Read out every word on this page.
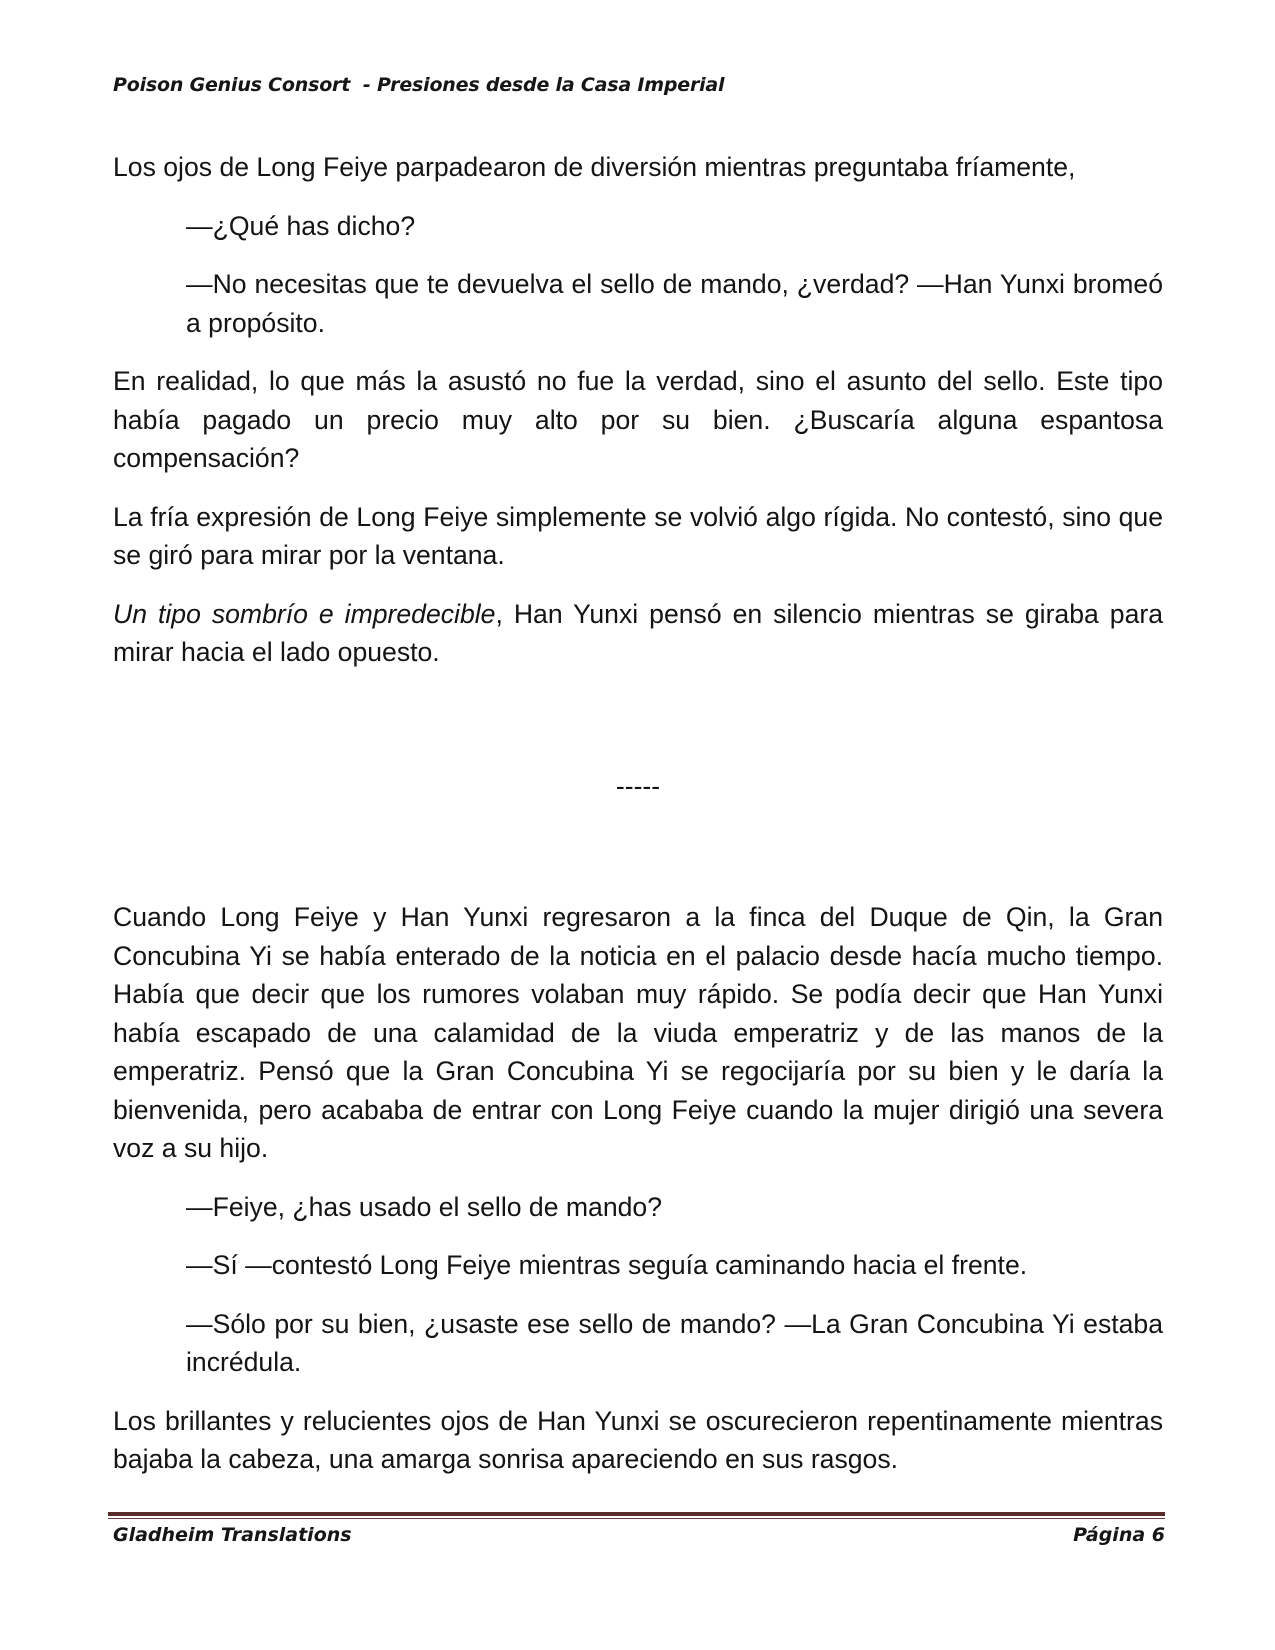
Poison Genius Consort  - Presiones desde la Casa Imperial

Los ojos de Long Feiye parpadearon de diversión mientras preguntaba fríamente,

—¿Qué has dicho?

—No necesitas que te devuelva el sello de mando, ¿verdad? —Han Yunxi bromeó a propósito.

En realidad, lo que más la asustó no fue la verdad, sino el asunto del sello. Este tipo había pagado un precio muy alto por su bien. ¿Buscaría alguna espantosa compensación?

La fría expresión de Long Feiye simplemente se volvió algo rígida. No contestó, sino que se giró para mirar por la ventana.

Un tipo sombrío e impredecible, Han Yunxi pensó en silencio mientras se giraba para mirar hacia el lado opuesto.

-----

Cuando Long Feiye y Han Yunxi regresaron a la finca del Duque de Qin, la Gran Concubina Yi se había enterado de la noticia en el palacio desde hacía mucho tiempo. Había que decir que los rumores volaban muy rápido. Se podía decir que Han Yunxi había escapado de una calamidad de la viuda emperatriz y de las manos de la emperatriz. Pensó que la Gran Concubina Yi se regocijaría por su bien y le daría la bienvenida, pero acababa de entrar con Long Feiye cuando la mujer dirigió una severa voz a su hijo.

—Feiye, ¿has usado el sello de mando?

—Sí —contestó Long Feiye mientras seguía caminando hacia el frente.

—Sólo por su bien, ¿usaste ese sello de mando? —La Gran Concubina Yi estaba incrédula.

Los brillantes y relucientes ojos de Han Yunxi se oscurecieron repentinamente mientras bajaba la cabeza, una amarga sonrisa apareciendo en sus rasgos.

Gladheim Translations	Página 6
